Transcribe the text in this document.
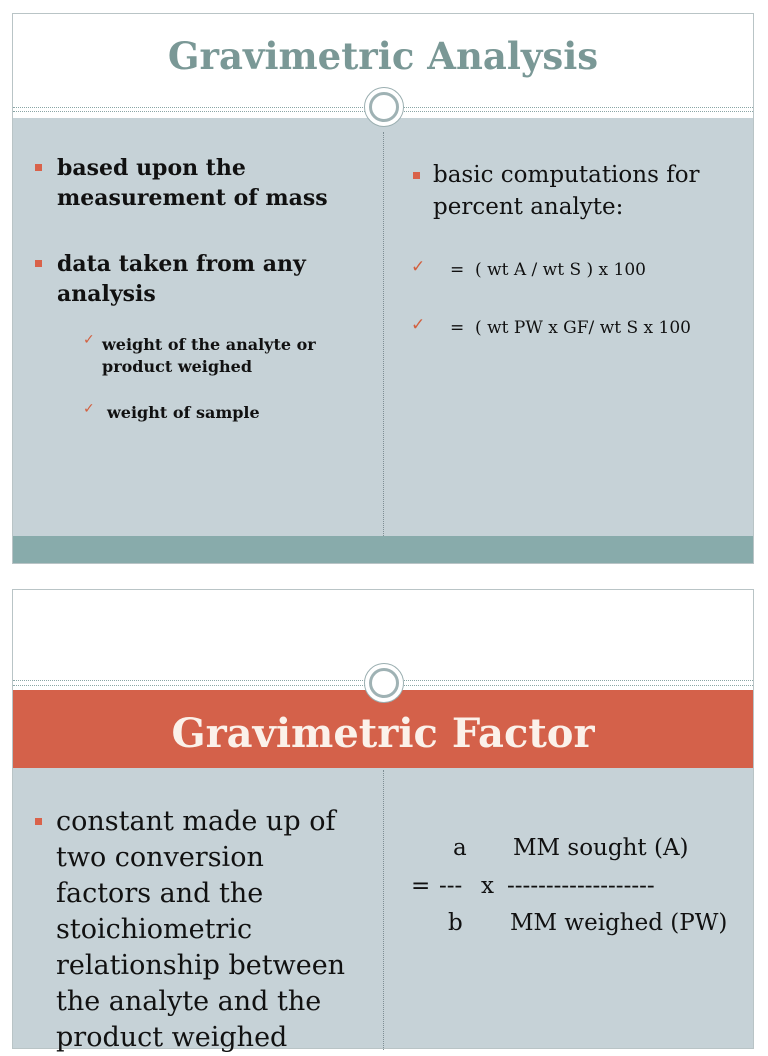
Gravimetric Analysis
based upon the measurement of mass
data taken from any analysis
✓ weight of the analyte or product weighed
✓ weight of sample
basic computations for percent analyte:
✓ =  ( wt A / wt S ) x 100
✓ =  ( wt PW x GF/ wt S x 100
Gravimetric Factor
constant made up of two conversion factors and the stoichiometric relationship between the analyte and the product weighed
a MM sought (A)
= --- x -------------------
b MM weighed (PW)
